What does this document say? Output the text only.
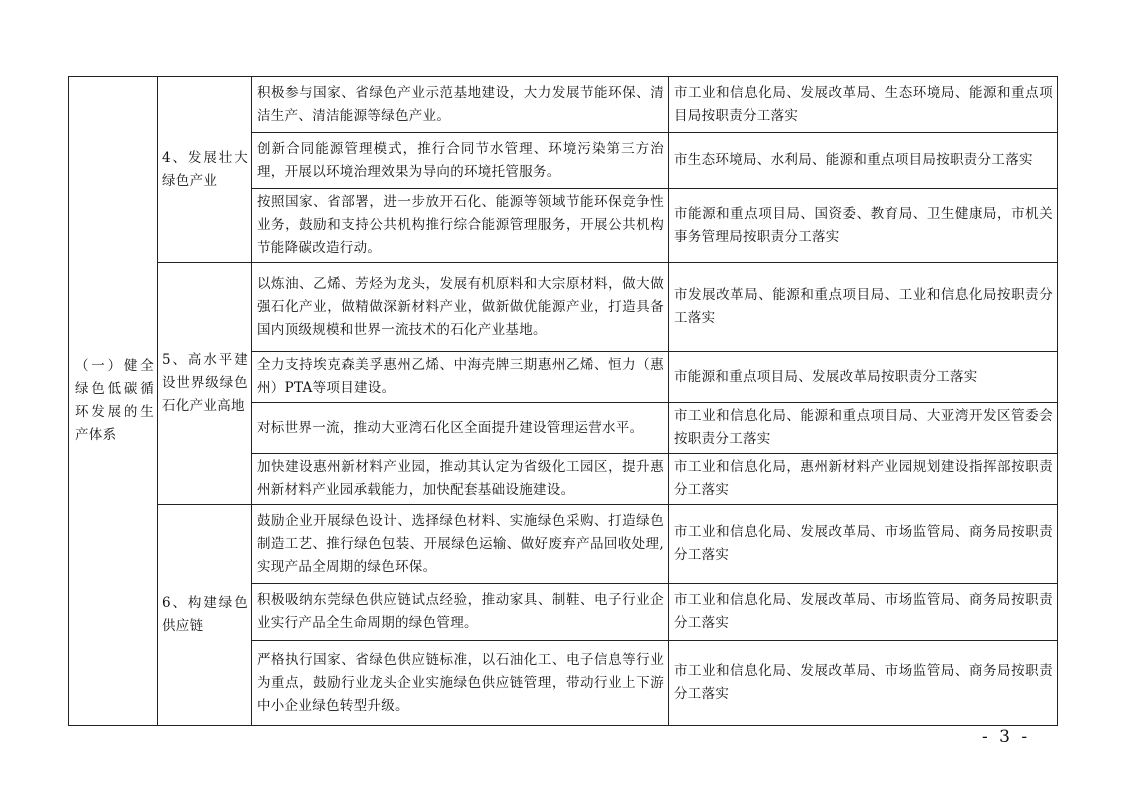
（一）健全绿色低碳循环发展的生产体系	4、发展壮大绿色产业	积极参与国家、省绿色产业示范基地建设，大力发展节能环保、清洁生产、清洁能源等绿色产业。	市工业和信息化局、发展改革局、生态环境局、能源和重点项目局按职责分工落实

		创新合同能源管理模式，推行合同节水管理、环境污染第三方治理，开展以环境治理效果为导向的环境托管服务。	市生态环境局、水利局、能源和重点项目局按职责分工落实

		按照国家、省部署，进一步放开石化、能源等领域节能环保竞争性业务，鼓励和支持公共机构推行综合能源管理服务，开展公共机构节能降碳改造行动。	市能源和重点项目局、国资委、教育局、卫生健康局，市机关事务管理局按职责分工落实

	5、高水平建设世界级绿色石化产业高地	以炼油、乙烯、芳烃为龙头，发展有机原料和大宗原材料，做大做强石化产业，做精做深新材料产业，做新做优能源产业，打造具备国内顶级规模和世界一流技术的石化产业基地。	市发展改革局、能源和重点项目局、工业和信息化局按职责分工落实

		全力支持埃克森美孚惠州乙烯、中海壳牌三期惠州乙烯、恒力（惠州）PTA等项目建设。	市能源和重点项目局、发展改革局按职责分工落实

		对标世界一流，推动大亚湾石化区全面提升建设管理运营水平。	市工业和信息化局、能源和重点项目局、大亚湾开发区管委会按职责分工落实

		加快建设惠州新材料产业园，推动其认定为省级化工园区，提升惠州新材料产业园承载能力，加快配套基础设施建设。	市工业和信息化局，惠州新材料产业园规划建设指挥部按职责分工落实

	6、构建绿色供应链	鼓励企业开展绿色设计、选择绿色材料、实施绿色采购、打造绿色制造工艺、推行绿色包装、开展绿色运输、做好废弃产品回收处理,实现产品全周期的绿色环保。	市工业和信息化局、发展改革局、市场监管局、商务局按职责分工落实

		积极吸纳东莞绿色供应链试点经验，推动家具、制鞋、电子行业企业实行产品全生命周期的绿色管理。	市工业和信息化局、发展改革局、市场监管局、商务局按职责分工落实

		严格执行国家、省绿色供应链标准，以石油化工、电子信息等行业为重点，鼓励行业龙头企业实施绿色供应链管理，带动行业上下游中小企业绿色转型升级。	市工业和信息化局、发展改革局、市场监管局、商务局按职责分工落实
- 3 -
